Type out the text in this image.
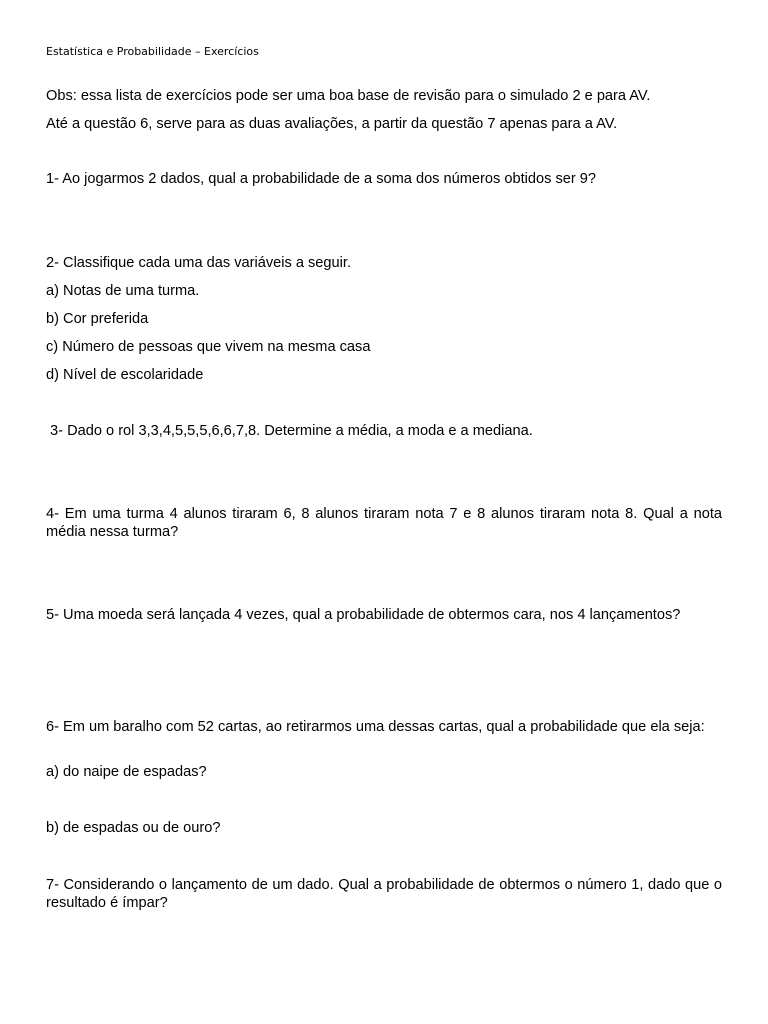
Estatística e Probabilidade – Exercícios
Obs: essa lista de exercícios pode ser uma boa base de revisão para o simulado 2 e para AV.
Até a questão 6, serve para as duas avaliações, a partir da questão 7 apenas para a AV.
1- Ao jogarmos 2 dados, qual a probabilidade de a soma dos números obtidos ser 9?
2- Classifique cada uma das variáveis a seguir.
a) Notas de uma turma.
b) Cor preferida
c) Número de pessoas que vivem na mesma casa
d) Nível de escolaridade
3- Dado o rol 3,3,4,5,5,5,6,6,7,8. Determine a média, a moda e a mediana.
4- Em uma turma 4 alunos tiraram 6, 8 alunos tiraram nota 7 e 8 alunos tiraram nota 8. Qual a nota média nessa turma?
5- Uma moeda será lançada 4 vezes, qual a probabilidade de obtermos cara, nos 4 lançamentos?
6- Em um baralho com 52 cartas, ao retirarmos uma dessas cartas, qual a probabilidade que ela seja:
a) do naipe de espadas?
b) de espadas ou de ouro?
7- Considerando o lançamento de um dado. Qual a probabilidade de obtermos o número 1, dado que o resultado é ímpar?
